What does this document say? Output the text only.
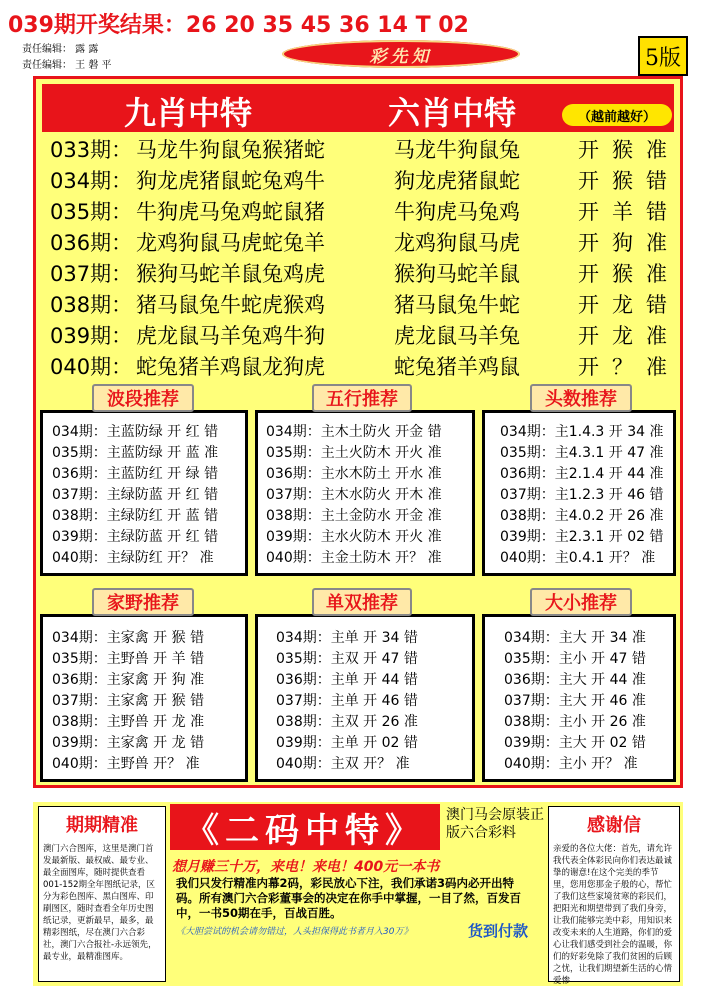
039期开奖结果：26 20 35 45 36 14 T 02
责任编辑： 露 露
责任编辑： 王 磐 平	彩先知	5版
九肖中特	六肖中特	（越前越好）
033期： 马龙牛狗鼠兔猴猪蛇	马龙牛狗鼠兔	开 猴 准
034期： 狗龙虎猪鼠蛇兔鸡牛	狗龙虎猪鼠蛇	开 猴 错
035期： 牛狗虎马兔鸡蛇鼠猪	牛狗虎马兔鸡	开 羊 错
036期： 龙鸡狗鼠马虎蛇兔羊	龙鸡狗鼠马虎	开 狗 准
037期： 猴狗马蛇羊鼠兔鸡虎	猴狗马蛇羊鼠	开 猴 准
038期： 猪马鼠兔牛蛇虎猴鸡	猪马鼠兔牛蛇	开 龙 错
039期： 虎龙鼠马羊兔鸡牛狗	虎龙鼠马羊兔	开 龙 准
040期： 蛇兔猪羊鸡鼠龙狗虎	蛇兔猪羊鸡鼠	开 ？ 准
波段推荐
034期：主蓝防绿 开 红 错
035期：主蓝防绿 开 蓝 准
036期：主蓝防红 开 绿 错
037期：主绿防蓝 开 红 错
038期：主绿防红 开 蓝 错
039期：主绿防蓝 开 红 错
040期：主绿防红 开？ 准
五行推荐
034期：主木土防火 开金 错
035期：主土火防木 开火 准
036期：主水木防土 开水 准
037期：主木水防火 开木 准
038期：主土金防水 开金 准
039期：主水火防木 开火 准
040期：主金土防木 开？ 准
头数推荐
034期：主1.4.3 开 34 准
035期：主4.3.1 开 47 准
036期：主2.1.4 开 44 准
037期：主1.2.3 开 46 错
038期：主4.0.2 开 26 准
039期：主2.3.1 开 02 错
040期：主0.4.1 开？ 准
家野推荐
034期：主家禽 开 猴 错
035期：主野兽 开 羊 错
036期：主家禽 开 狗 准
037期：主家禽 开 猴 错
038期：主野兽 开 龙 准
039期：主家禽 开 龙 错
040期：主野兽 开？ 准
单双推荐
034期：主单 开 34 错
035期：主双 开 47 错
036期：主单 开 44 错
037期：主单 开 46 错
038期：主双 开 26 准
039期：主单 开 02 错
040期：主双 开？ 准
大小推荐
034期：主大 开 34 准
035期：主小 开 47 错
036期：主大 开 44 准
037期：主大 开 46 准
038期：主小 开 26 准
039期：主大 开 02 错
040期：主小 开？ 准
期期精准
澳门六合图库，这里是澳门首发最新版、最权威、最专业、最全面图库，随时提供查看001-152期全年图纸记录，区分为彩色图库、黑白图库、印刷图区，随时查看全年历史图纸记录，更新最早，最多，最精彩图纸，尽在澳门六合彩社，澳门六合报社-永远领先，最专业，最精准图库。
《二码中特》	澳门马会原装正版六合彩料
想月赚三十万，来电！来电！400元一本书
我们只发行精准内幕2码，彩民放心下注，我们承诺3码内必开出特码。所有澳门六合彩董事会的决定在你手中掌握，一目了然，百发百中，一书50期在手，百战百胜。
《大胆尝试的机会请勿错过，人头担保得此书者月入30万》	货到付款
感谢信
亲爱的各位大佬：首先，请允许我代表全体彩民向你们表达最诚挚的谢意!在这个完美的季节里，您用您那金子般的心，帮忙了我们这些家境贫寒的彩民们，把阳光和期望带到了我们身旁，让我们能够完美中彩，用知识来改变未来的人生道路，你们的爱心让我们感受到社会的温暖，你们的好彩免除了我们贫困的后顾之忧，让我们期望新生活的心情爱惨
